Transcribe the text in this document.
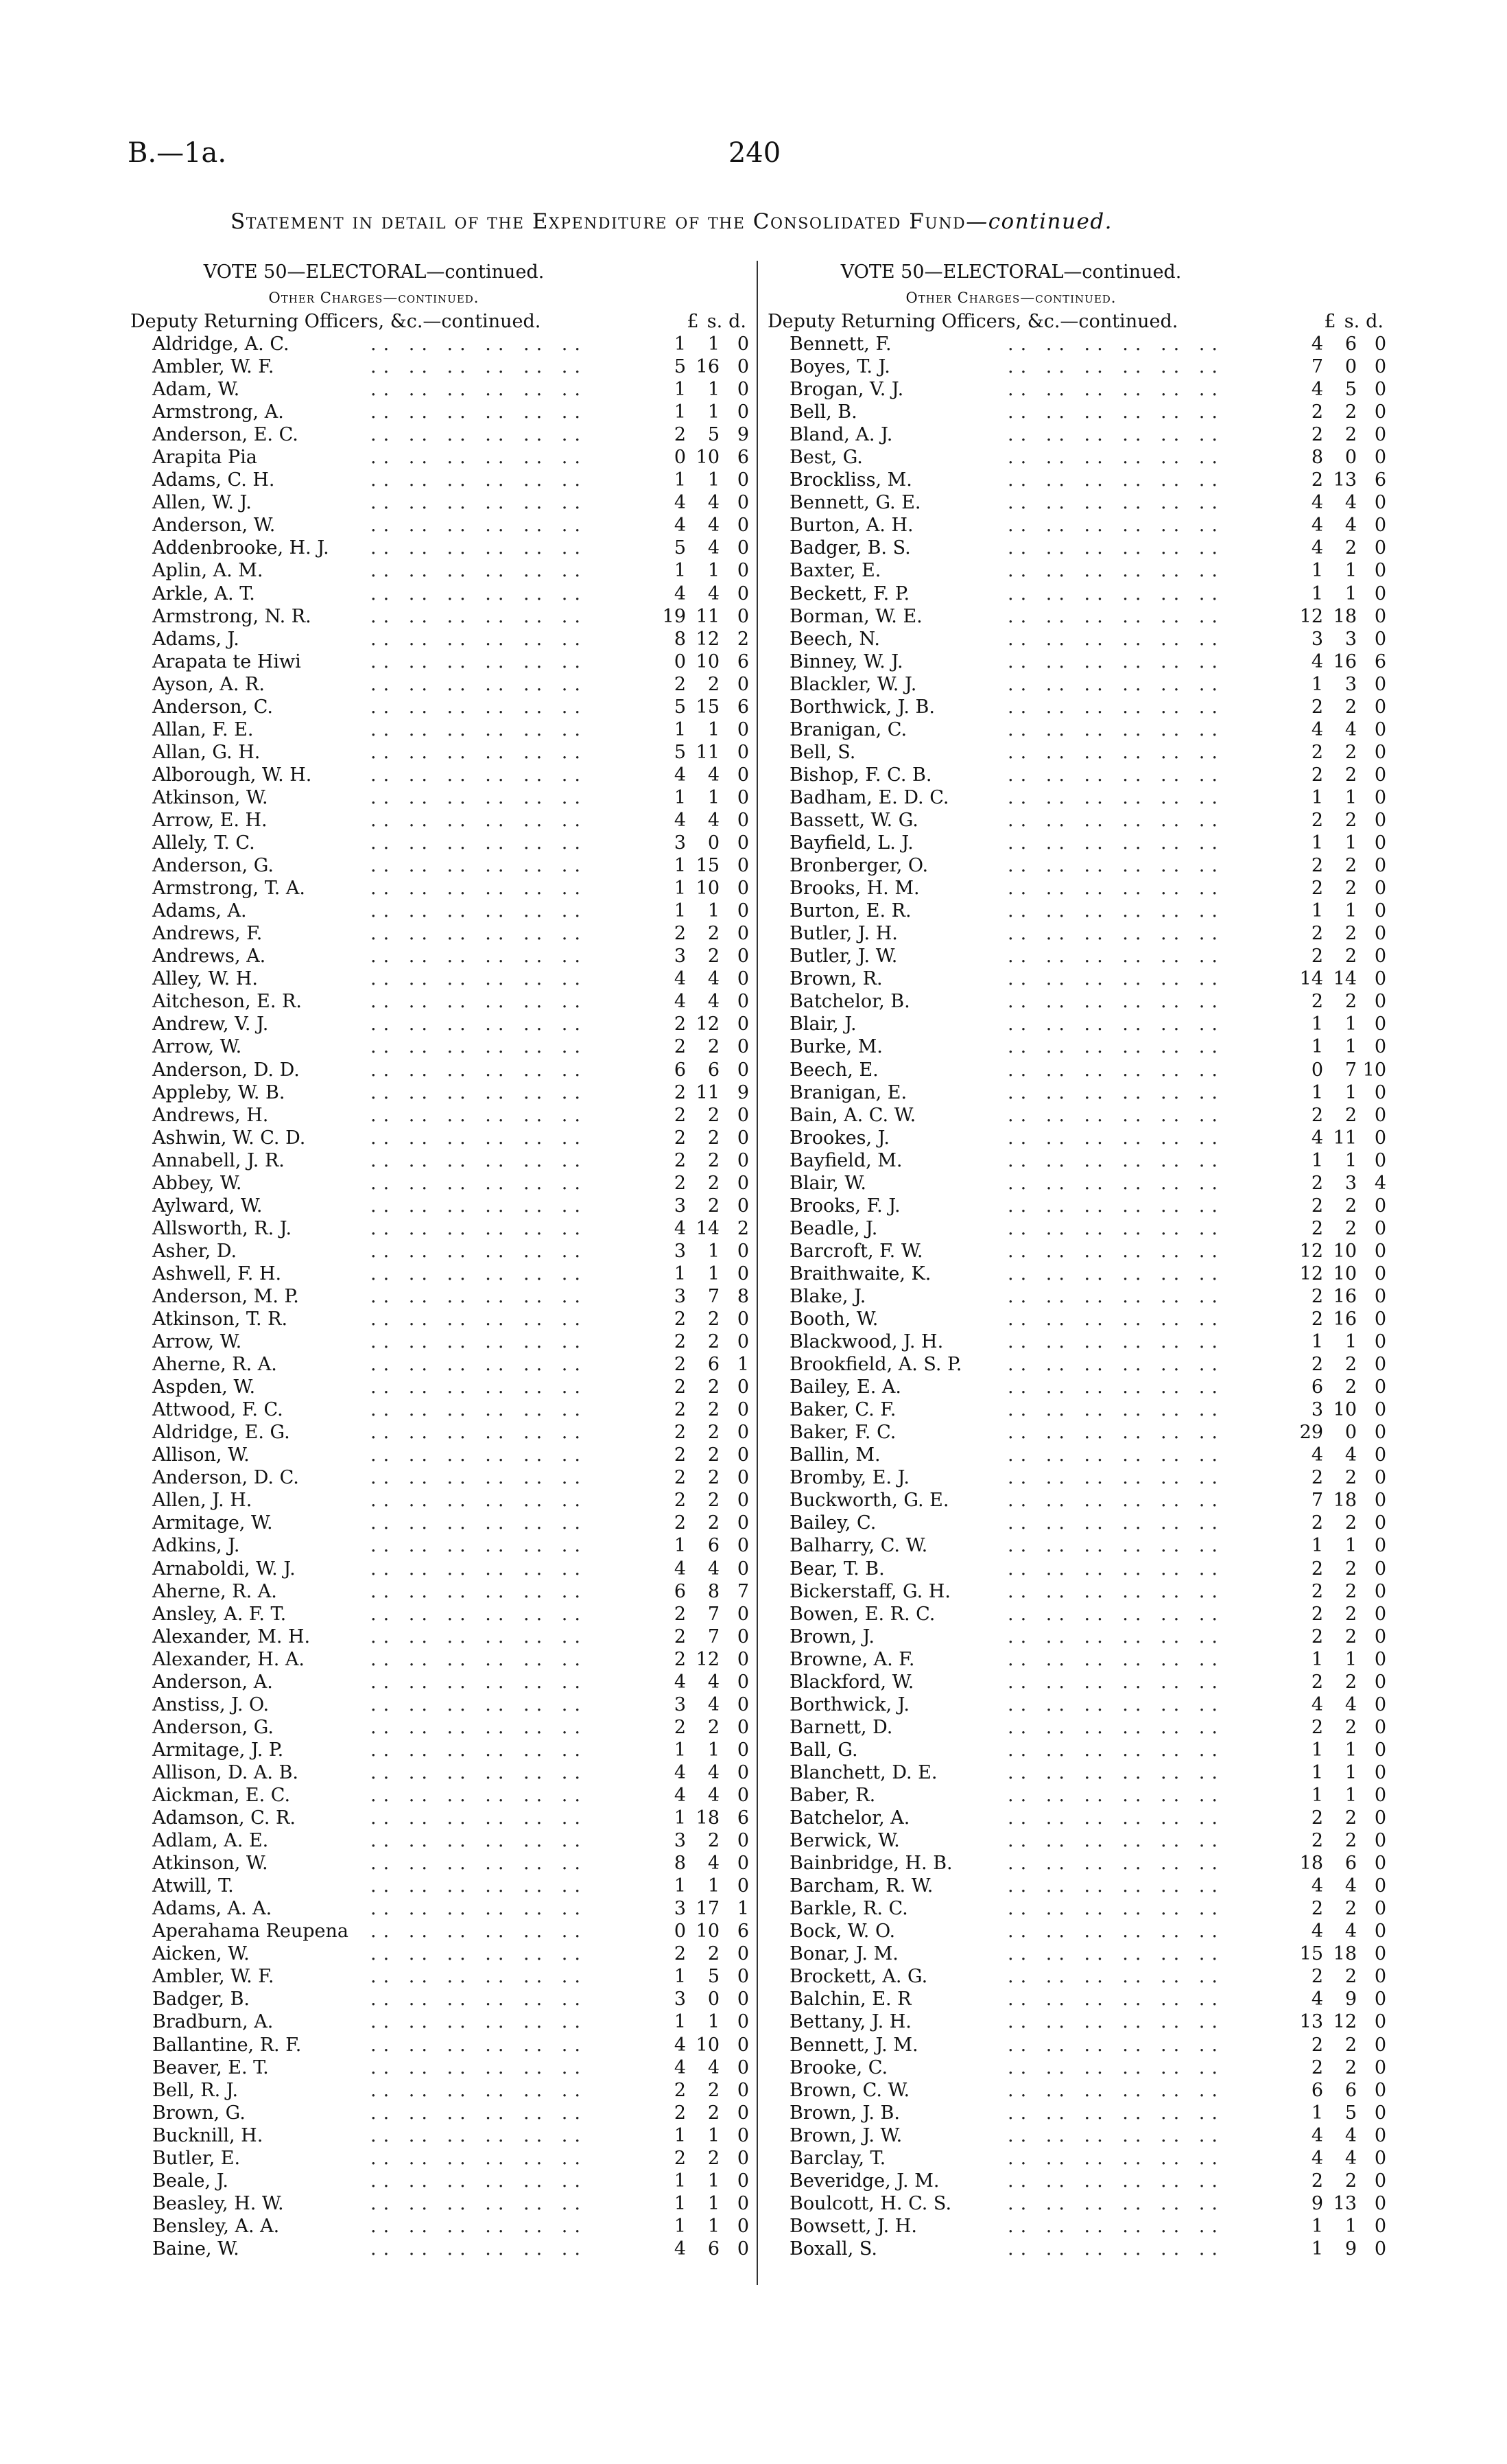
B.—1a.	240
Statement in detail of the Expenditure of the Consolidated Fund—continued.
VOTE 50—ELECTORAL—continued.
Other Charges—continued.
Deputy Returning Officers, &c.—continued.	£ s. d.
Aldridge, A. C.	.. .. .. .. .. ..	1	1 0
Ambler, W. F.	.. .. .. .. .. ..	5 16 0
Adam, W.	.. .. .. .. .. ..	1	1 0
Armstrong, A.	.. .. .. .. .. ..	1	1 0
Anderson, E. C.	.. .. .. .. .. ..	2	5 9
Arapita Pia	.. .. .. .. .. ..	0 10 6
Adams, C. H.	.. .. .. .. .. ..	1	1 0
Allen, W. J.	.. .. .. .. .. ..	4	4 0
Anderson, W.	.. .. .. .. .. ..	4	4 0
Addenbrooke, H. J. .. .. .. .. .. ..	5	4 0
Aplin, A. M.	.. .. .. .. .. ..	1	1 0
Arkle, A. T.	.. .. .. .. .. ..	4	4 0
Armstrong, N. R.	.. .. .. .. .. ..	19 11 0
Adams, J.	.. .. .. .. .. ..	8 12 2
Arapata te Hiwi	.. .. .. .. .. ..	0 10 6
Ayson, A. R.	.. .. .. .. .. ..	2	2 0
Anderson, C.	.. .. .. .. .. ..	5 15 6
Allan, F. E.	.. .. .. .. .. ..	1	1 0
Allan, G. H.	.. .. .. .. .. ..	5 11 0
Alborough, W. H.	.. .. .. .. .. ..	4	4 0
Atkinson, W.	.. .. .. .. .. ..	1	1 0
Arrow, E. H.	.. .. .. .. .. ..	4	4 0
Allely, T. C.	.. .. .. .. .. ..	3	0 0
Anderson, G.	.. .. .. .. .. ..	1 15 0
Armstrong, T. A.	.. .. .. .. .. ..	1 10 0
Adams, A.	.. .. .. .. .. ..	1	1 0
Andrews, F.	.. .. .. .. .. ..	2	2 0
Andrews, A.	.. .. .. .. .. ..	3	2 0
Alley, W. H.	.. .. .. .. .. ..	4	4 0
Aitcheson, E. R.	.. .. .. .. .. ..	4	4 0
Andrew, V. J.	.. .. .. .. .. ..	2 12 0
Arrow, W.	.. .. .. .. .. ..	2	2 0
Anderson, D. D.	.. .. .. .. .. ..	6	6 0
Appleby, W. B.	.. .. .. .. .. ..	2 11 9
Andrews, H.	.. .. .. .. .. ..	2	2 0
Ashwin, W. C. D.	.. .. .. .. .. ..	2	2 0
Annabell, J. R.	.. .. .. .. .. ..	2	2 0
Abbey, W.	.. .. .. .. .. ..	2	2 0
Aylward, W.	.. .. .. .. .. ..	3	2 0
Allsworth, R. J.	.. .. .. .. .. ..	4 14 2
Asher, D.	.. .. .. .. .. ..	3	1 0
Ashwell, F. H.	.. .. .. .. .. ..	1	1 0
Anderson, M. P.	.. .. .. .. .. ..	3	7 8
Atkinson, T. R.	.. .. .. .. .. ..	2	2 0
Arrow, W.	.. .. .. .. .. ..	2	2 0
Aherne, R. A.	.. .. .. .. .. ..	2	6 1
Aspden, W.	.. .. .. .. .. ..	2	2 0
Attwood, F. C.	.. .. .. .. .. ..	2	2 0
Aldridge, E. G.	.. .. .. .. .. ..	2	2 0
Allison, W.	.. .. .. .. .. ..	2	2 0
Anderson, D. C.	.. .. .. .. .. ..	2	2 0
Allen, J. H.	.. .. .. .. .. ..	2	2 0
Armitage, W.	.. .. .. .. .. ..	2	2 0
Adkins, J.	.. .. .. .. .. ..	1	6 0
Arnaboldi, W. J.	.. .. .. .. .. ..	4	4 0
Aherne, R. A.	.. .. .. .. .. ..	6	8 7
Ansley, A. F. T.	.. .. .. .. .. ..	2	7 0
Alexander, M. H.	.. .. .. .. .. ..	2	7 0
Alexander, H. A.	.. .. .. .. .. ..	2 12 0
Anderson, A.	.. .. .. .. .. ..	4	4 0
Anstiss, J. O.	.. .. .. .. .. ..	3	4 0
Anderson, G.	.. .. .. .. .. ..	2	2 0
Armitage, J. P.	.. .. .. .. .. ..	1	1 0
Allison, D. A. B.	.. .. .. .. .. ..	4	4 0
Aickman, E. C.	.. .. .. .. .. ..	4	4 0
Adamson, C. R.	.. .. .. .. .. ..	1 18 6
Adlam, A. E.	.. .. .. .. .. ..	3	2 0
Atkinson, W.	.. .. .. .. .. ..	8	4 0
Atwill, T.	.. .. .. .. .. ..	1	1 0
Adams, A. A.	.. .. .. .. .. ..	3 17 1
Aperahama Reupena .. .. .. .. .. ..	0 10 6
Aicken, W.	.. .. .. .. .. ..	2	2 0
Ambler, W. F.	.. .. .. .. .. ..	1	5 0
Badger, B.	.. .. .. .. .. ..	3	0 0
Bradburn, A.	.. .. .. .. .. ..	1	1 0
Ballantine, R. F.	.. .. .. .. .. ..	4 10 0
Beaver, E. T.	.. .. .. .. .. ..	4	4 0
Bell, R. J.	.. .. .. .. .. ..	2	2 0
Brown, G.	.. .. .. .. .. ..	2	2 0
Bucknill, H.	.. .. .. .. .. ..	1	1 0
Butler, E.	.. .. .. .. .. ..	2	2 0
Beale, J.	.. .. .. .. .. ..	1	1 0
Beasley, H. W.	.. .. .. .. .. ..	1	1 0
Bensley, A. A.	.. .. .. .. .. ..	1	1 0
Baine, W.	.. .. .. .. .. ..	4	6 0
VOTE 50—ELECTORAL—continued.
Other Charges—continued.
Deputy Returning Officers, &c.—continued.	£ s. d.
Bennett, F.	.. .. .. .. .. ..	4	6 0
Boyes, T. J.	.. .. .. .. .. ..	7	0 0
Brogan, V. J.	.. .. .. .. .. ..	4	5 0
Bell, B.	.. .. .. .. .. ..	2	2 0
Bland, A. J.	.. .. .. .. .. ..	2	2 0
Best, G.	.. .. .. .. .. ..	8	0 0
Brockliss, M.	.. .. .. .. .. ..	2 13 6
Bennett, G. E.	.. .. .. .. .. ..	4	4 0
Burton, A. H.	.. .. .. .. .. ..	4	4 0
Badger, B. S.	.. .. .. .. .. ..	4	2 0
Baxter, E.	.. .. .. .. .. ..	1	1 0
Beckett, F. P.	.. .. .. .. .. ..	1	1 0
Borman, W. E.	.. .. .. .. .. ..	12 18 0
Beech, N.	.. .. .. .. .. ..	3	3 0
Binney, W. J.	.. .. .. .. .. ..	4 16 6
Blackler, W. J.	.. .. .. .. .. ..	1	3 0
Borthwick, J. B.	.. .. .. .. .. ..	2	2 0
Branigan, C.	.. .. .. .. .. ..	4	4 0
Bell, S.	.. .. .. .. .. ..	2	2 0
Bishop, F. C. B.	.. .. .. .. .. ..	2	2 0
Badham, E. D. C.	.. .. .. .. .. ..	1	1 0
Bassett, W. G.	.. .. .. .. .. ..	2	2 0
Bayfield, L. J.	.. .. .. .. .. ..	1	1 0
Bronberger, O.	.. .. .. .. .. ..	2	2 0
Brooks, H. M.	.. .. .. .. .. ..	2	2 0
Burton, E. R.	.. .. .. .. .. ..	1	1 0
Butler, J. H.	.. .. .. .. .. ..	2	2 0
Butler, J. W.	.. .. .. .. .. ..	2	2 0
Brown, R.	.. .. .. .. .. ..	14 14 0
Batchelor, B.	.. .. .. .. .. ..	2	2 0
Blair, J.	.. .. .. .. .. ..	1	1 0
Burke, M.	.. .. .. .. .. ..	1	1 0
Beech, E.	.. .. .. .. .. ..	0	7 10
Branigan, E.	.. .. .. .. .. ..	1	1 0
Bain, A. C. W.	.. .. .. .. .. ..	2	2 0
Brookes, J.	.. .. .. .. .. ..	4 11 0
Bayfield, M.	.. .. .. .. .. ..	1	1 0
Blair, W.	.. .. .. .. .. ..	2	3 4
Brooks, F. J.	.. .. .. .. .. ..	2	2 0
Beadle, J.	.. .. .. .. .. ..	2	2 0
Barcroft, F. W.	.. .. .. .. .. ..	12 10 0
Braithwaite, K.	.. .. .. .. .. ..	12 10 0
Blake, J.	.. .. .. .. .. ..	2 16 0
Booth, W.	.. .. .. .. .. ..	2 16 0
Blackwood, J. H.	.. .. .. .. .. ..	1	1 0
Brookfield, A. S. P. .. .. .. .. .. ..	2	2 0
Bailey, E. A.	.. .. .. .. .. ..	6	2 0
Baker, C. F.	.. .. .. .. .. ..	3 10 0
Baker, F. C.	.. .. .. .. .. ..	29	0 0
Ballin, M.	.. .. .. .. .. ..	4	4 0
Bromby, E. J.	.. .. .. .. .. ..	2	2 0
Buckworth, G. E.	.. .. .. .. .. ..	7 18 0
Bailey, C.	.. .. .. .. .. ..	2	2 0
Balharry, C. W.	.. .. .. .. .. ..	1	1 0
Bear, T. B.	.. .. .. .. .. ..	2	2 0
Bickerstaff, G. H.	.. .. .. .. .. ..	2	2 0
Bowen, E. R. C.	.. .. .. .. .. ..	2	2 0
Brown, J.	.. .. .. .. .. ..	2	2 0
Browne, A. F.	.. .. .. .. .. ..	1	1 0
Blackford, W.	.. .. .. .. .. ..	2	2 0
Borthwick, J.	.. .. .. .. .. ..	4	4 0
Barnett, D.	.. .. .. .. .. ..	2	2 0
Ball, G.	.. .. .. .. .. ..	1	1 0
Blanchett, D. E.	.. .. .. .. .. ..	1	1 0
Baber, R.	.. .. .. .. .. ..	1	1 0
Batchelor, A.	.. .. .. .. .. ..	2	2 0
Berwick, W.	.. .. .. .. .. ..	2	2 0
Bainbridge, H. B.	.. .. .. .. .. ..	18	6 0
Barcham, R. W.	.. .. .. .. .. ..	4	4 0
Barkle, R. C.	.. .. .. .. .. ..	2	2 0
Bock, W. O.	.. .. .. .. .. ..	4	4 0
Bonar, J. M.	.. .. .. .. .. ..	15 18 0
Brockett, A. G.	.. .. .. .. .. ..	2	2 0
Balchin, E. R	.. .. .. .. .. ..	4	9 0
Bettany, J. H.	.. .. .. .. .. ..	13 12 0
Bennett, J. M.	.. .. .. .. .. ..	2	2 0
Brooke, C.	.. .. .. .. .. ..	2	2 0
Brown, C. W.	.. .. .. .. .. ..	6	6 0
Brown, J. B.	.. .. .. .. .. ..	1	5 0
Brown, J. W.	.. .. .. .. .. ..	4	4 0
Barclay, T.	.. .. .. .. .. ..	4	4 0
Beveridge, J. M.	.. .. .. .. .. ..	2	2 0
Boulcott, H. C. S.	.. .. .. .. .. ..	9 13 0
Bowsett, J. H.	.. .. .. .. .. ..	1	1 0
Boxall, S.	.. .. .. .. .. ..	1	9 0
